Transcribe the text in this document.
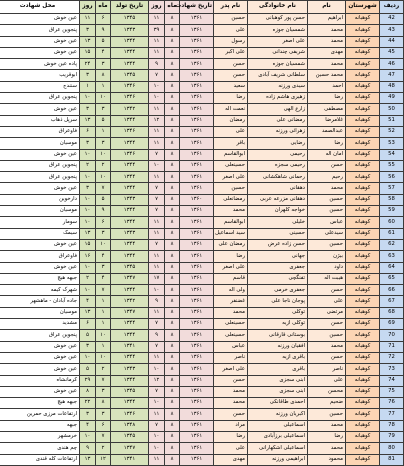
ردیف	شهرستان	نام	نام خانوادگی	نام پدر	تاریخ شهادت	ماه	روز	تاریخ تولد	ماه	روز	محل شهادت
42	کوهبانه	ابراهیم	حسن پور کوهبانی	حسین	۱۳۶۱	۸	۱۱	۱۳۴۵	۶	۱۱	عین خوش
43	کوهبانه	محمد	شمسیان جوزه	علی	۱۳۶۱	۸	۳۹	۱۳۴۳	۹	۳	پنجوین عراق
44	کوهبانه	محمد	علی اصغر	رسول	۱۳۶۱	۸	۱۱	۱۳۴۴	۵	۱۳	عین خوش
45	کوهبانه	مهدی	شریفی چندانی	علی اکبر	۱۳۶۱	۸	۱۱	۱۳۴۴	۴	۱۵	عین خوش
46	کوهبانه	محمد	شمسیان جوزه	حسن	۱۳۶۱	۸	۹	۱۳۴۴	۳	۲۴	پاده عین خوش
47	کوهبانه	محمد حسین	سلطانی شریف آبادی	حسن	۱۳۶۱	۸	۷	۱۳۴۵	۸	۳	ابوقریب
48	کوهبانه	احمد	سیدی ورزنه	سعید	۱۳۶۱	۸	۱۰	۱۳۴۶	۱	۱	سنندج
49	کوهبانه	رضا	زهیری هاشم زاده	رضا	۱۳۶۱	۸	۱۰	۱۳۴۶	۱۰	۱۰	پنجوین عراق
50	کوهبانه	مصطفی	زارع الهی	نعمت اله	۱۳۶۱	۸	۱۱	۱۳۴۲	۳	۳	عین خوش
51	کوهبانه	غلامرضا	رمضانی علی	رمضان	۱۳۶۱	۸	۱۲	۱۳۴۴	۵	۱۳	سرپل ذهاب
52	کوهبانه	عبدالصمد	زهرائی ورزنه	علی	۱۳۶۱	۸	۱۱	۱۳۴۶	۱	۶	فاوعراق
53	کوهبانه	رضا	رضایی	باقر	۱۳۶۱	۸	۱۱	۱۳۴۴	۳	۳	موسیان
54	کوهبانه	امان اله	رحیمی	ابوالقاسم	۱۳۶۱	۸	۷	۱۳۴۶	۱۰	۱۰	عین خوش
55	کوهبانه	حسن	رحیمی سجزه	حسینعلی	۱۳۶۱	۸	۱۰	۱۳۴۴	۲	۲	پنجوین عراق
56	کوهبانه	رحیم	رحمانی شاهکشانی	علی اصغر	۱۳۶۱	۸	۱۱	۱۳۴۴	۱۰	۱۰	پنجوین عراق
57	کوهبانه	محمد	دهقانی	حسین	۱۳۶۱	۸	۷	۱۳۴۴	۷	۳	عین خوش
58	کوهبانه	حسین	دهقانی مزرعه عربی	رمضانعلی	۱۳۶۰	۸	۷	۱۳۴۳	۵	۱۰	دارخوین
59	کوهبانه	حسین	خواجه کلهران	محمد	۱۳۶۱	۸	۷	۱۳۴۴	۹	۱۰	موسیان
60	کوهبانه	عباس	خلیلی	ابوالقاسم	۱۳۶۱	۸	۱۱	۱۳۴۴	۶	۱۰	سومار
61	کوهبانه	سیدعلی	حسینی	سید اسماعیل	۱۳۶۱	۸	۱۱	۱۳۴۳	۳	۱۳	سیمک
62	کوهبانه	حسین	حسن زاده عرض	رمضان علی	۱۳۶۱	۸	۷	۱۳۴۴	۱۰	۱۵	عین خوش
63	کوهبانه	بیژن	جهانی	رضا	۱۳۶۱	۸	۱۱	۱۳۴۴	۴	۱۶	فاوعراق
64	کوهبانه	داود	جعفری	علی اصغر	۱۳۶۱	۸	۱۱	۱۳۴۵	۳	۱۰	عین خوش
65	کوهبانه	هیبت اله	تفنگچی	قاسم	۱۳۶۱	۸	۱۷	۱۳۴۷	۴	۲	جبهه هیچ
66	کوهبانه	حسن	جعفری خرمی	ولی اله	۱۳۶۱	۸	۱۰	۱۳۴۴	۷	۱۰	شهرک کیمه
67	کوهبانه	علی	پوجان ناجا علی	غضنفر	۱۳۶۱	۸	۹	۱۳۴۲	۱	۴	جاده آبادان - ماهشهر
68	کوهبانه	مرتضی	توکلی	محمد	۱۳۶۱	۸	۱۱	۱۳۴۷	۱	۱۳	موسیان
69	کوهبانه	حسن	توکلی ازیه	حسینعلی	۱۳۶۱	۸	۷	۱۳۴۴	۱	۶	مشدید
70	کوهبانه	حسین	بوستانی قارقانی	حسینعلی	۱۳۶۱	۸	۹	۱۳۴۴	۱۰	۵	پنجوین عراق
71	کوهبانه	محمد	افقیان ورزنه	عباس	۱۳۶۱	۸	۷	۱۳۴۱	۱	۳	عین خوش
72	کوهبانه	حسن	باقری ازیه	ناصر	۱۳۶۱	۸	۱۱	۱۳۴۴	۱۰	۱۰	عین خوش
73	کوهبانه	ناصر	باقری	علی اصغر	۱۳۶۱	۸	۱۰	۱۳۴۳	۲	۵	عین خوش
74	کوهبانه	علی	ابنی سجزی	حسن	۱۳۶۱	۸	۱۲	۱۳۴۴	۷	۲۹	کرمانشاه
75	کوهبانه	محسن	ابنی سجزی	محمد	۱۳۶۱	۸	۷	۱۳۴۵	۳	۸	عین خوش
76	کوهبانه	ضحیم	احمدی طاقانکی	محمد	۱۳۶۱	۸	۱۰	۱۳۴۴	۸	۲۲	جبهه هیچ
77	کوهبانه	حسین	اکبریان ورزنه	حسن	۱۳۶۱	۸	۱۱	۱۳۴۶	۳	۳	ارتفاعات مرزی حمرین
78	کوهبانه	محمد	اسماعیلی	مراد	۱۳۶۱	۸	۷	۱۳۴۸	۶	۴	جبهه
79	کوهبانه	رضا	اسماعیلی برزآبادی	رضا	۱۳۶۱	۸	۱۰	۱۳۴۵	۷	۱۰	خرمشهر
80	کوهبانه	محمد	اسماعیلی اشکهارانی	علی	۱۳۶۱	۸	۱۰	۱۳۴۷	۲	۹	چم هندی
81	کوهبانه	محمود	ابراهیمی ورزنه	مهدی	۱۳۶۱	۸	۱۱	۱۳۴۱	۱۲	۱۳	ارتفاعات کله قندی
